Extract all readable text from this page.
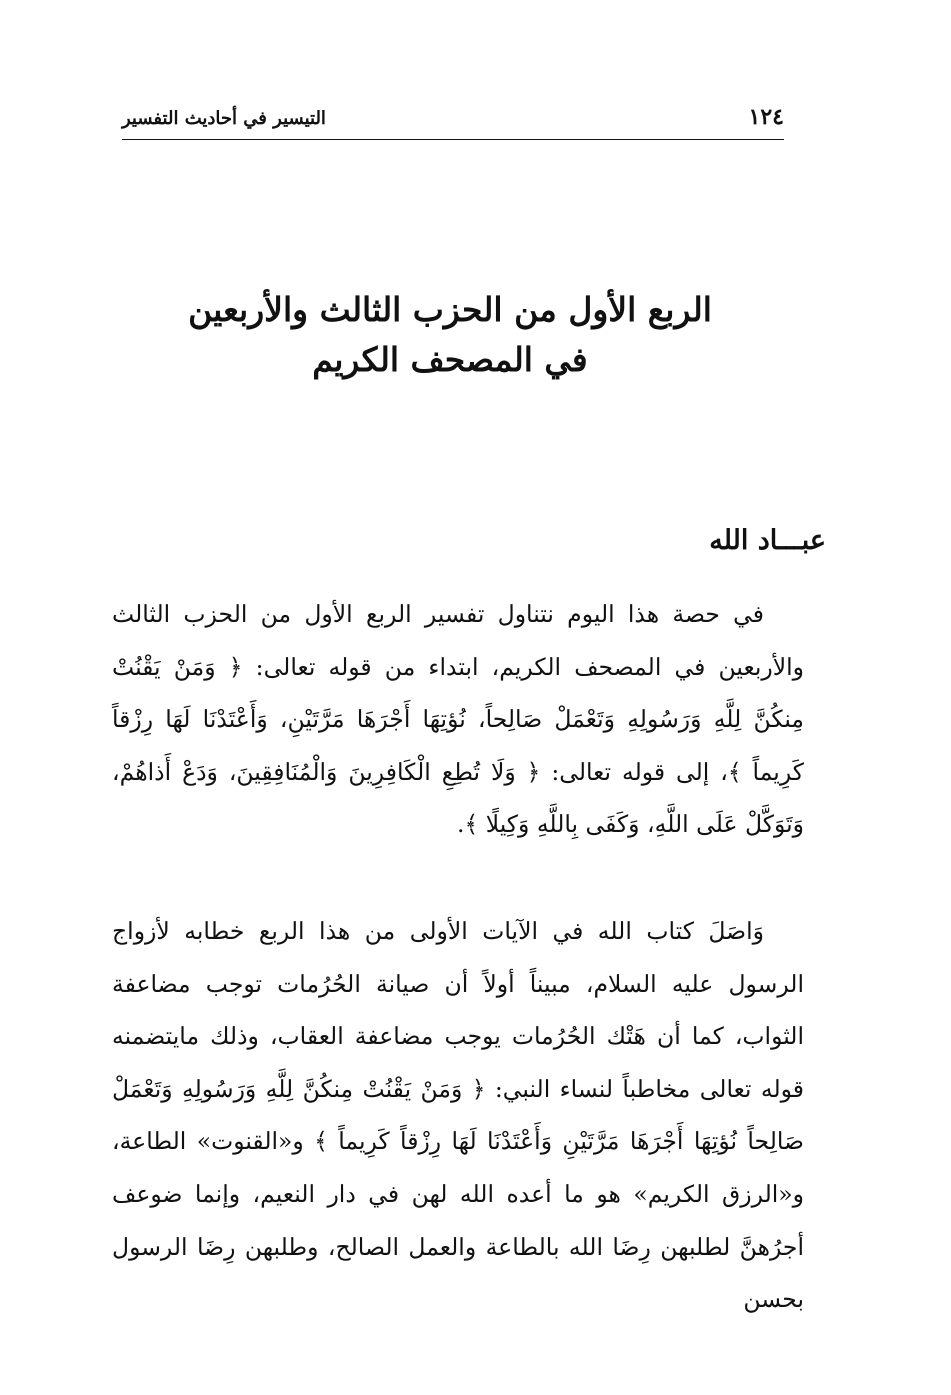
١٢٤
التيسير في أحاديث التفسير
الربع الأول من الحزب الثالث والأربعين
في المصحف الكريم
عبـــاد الله

في حصة هذا اليوم نتناول تفسير الربع الأول من الحزب الثالث والأربعين في المصحف الكريم، ابتداء من قوله تعالى: ﴿ وَمَنْ يَقْنُتْ مِنكُنَّ لِلَّهِ وَرَسُولِهِ وَتَعْمَلْ صَالِحاً، نُؤتِهَا أَجْرَهَا مَرَّتَيْنِ، وَأَعْتَدْنَا لَهَا رِزْقاً كَرِيماً ﴾، إلى قوله تعالى: ﴿ وَلَا تُطِعِ الْكَافِرِينَ وَالْمُنَافِقِينَ، وَدَعْ أَذاهُمْ، وَتَوَكَّلْ عَلَى اللَّهِ، وَكَفَى بِاللَّهِ وَكِيلًا ﴾.

وَاصَلَ كتاب الله في الآيات الأولى من هذا الربع خطابه لأزواج الرسول عليه السلام، مبيناً أولاً أن صيانة الحُرُمات توجب مضاعفة الثواب، كما أن هَتْك الحُرُمات يوجب مضاعفة العقاب، وذلك مايتضمنه قوله تعالى مخاطباً لنساء النبي: ﴿ وَمَنْ يَقْنُتْ مِنكُنَّ لِلَّهِ وَرَسُولِهِ وَتَعْمَلْ صَالِحاً نُؤتِهَا أَجْرَهَا مَرَّتَيْنِ وَأَعْتَدْنَا لَهَا رِزْقاً كَرِيماً ﴾ و«القنوت» الطاعة، و«الرزق الكريم» هو ما أعده الله لهن في دار النعيم، وإنما ضوعف أجرُهنَّ لطلبهن رِضَا الله بالطاعة والعمل الصالح، وطلبهن رِضَا الرسول بحسن
